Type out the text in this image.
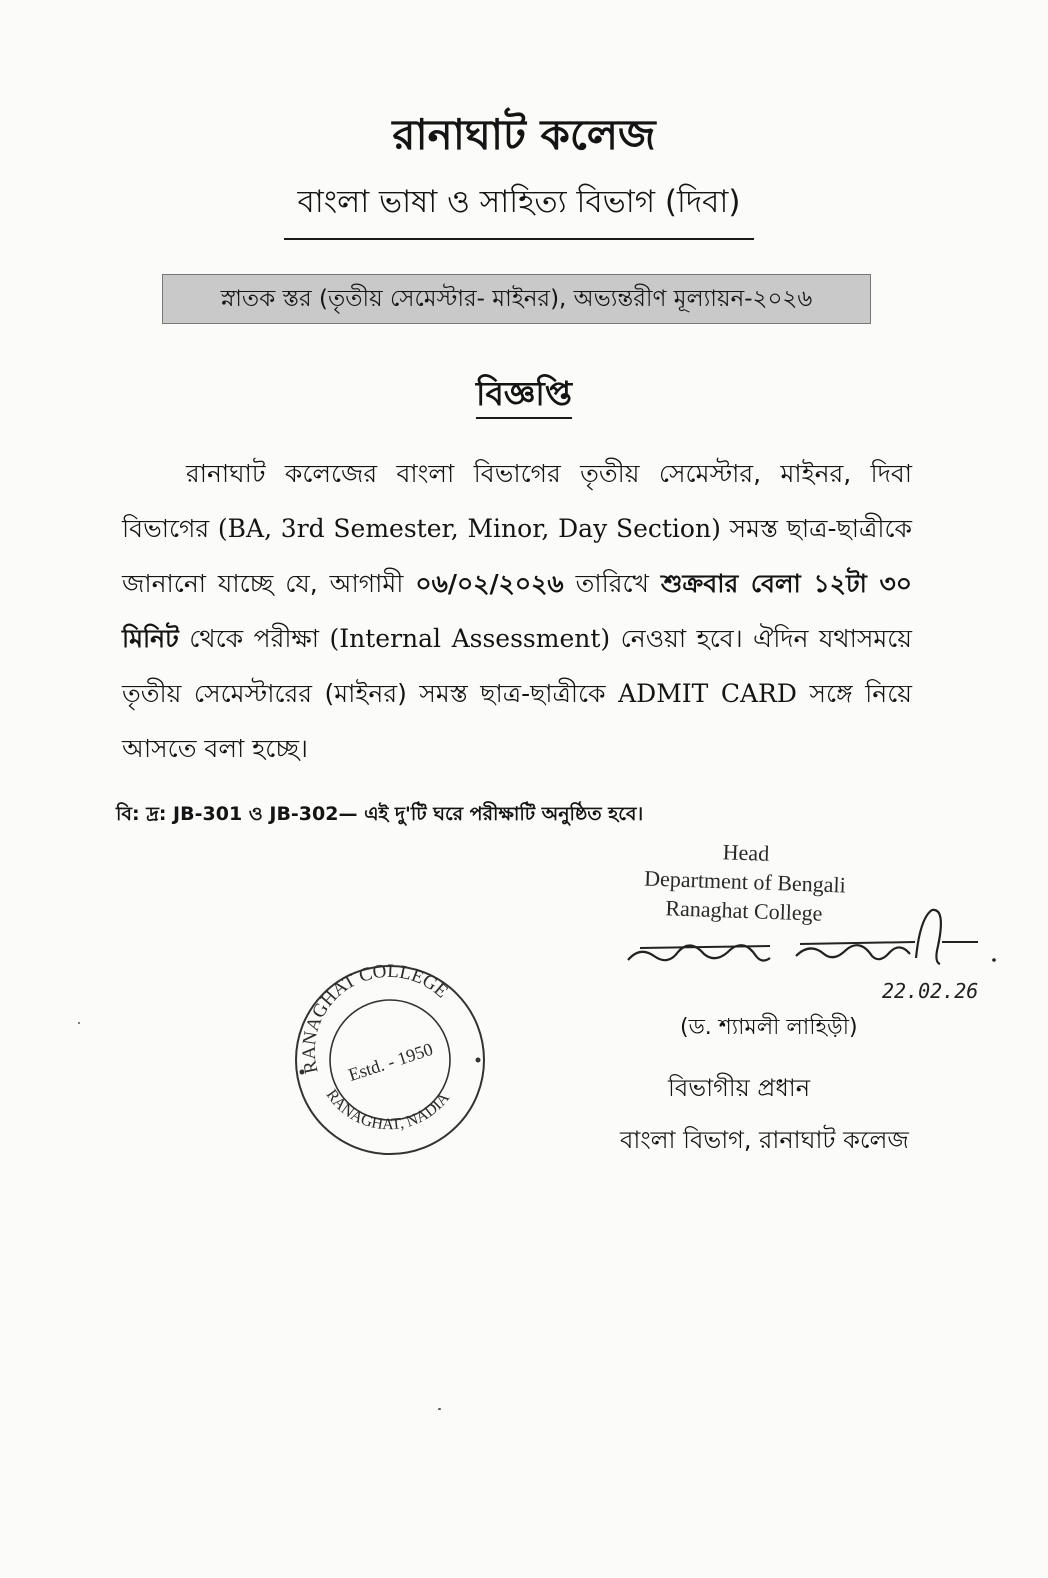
রানাঘাট কলেজ
বাংলা ভাষা ও সাহিত্য বিভাগ (দিবা)
স্নাতক স্তর (তৃতীয় সেমেস্টার- মাইনর), অভ্যন্তরীণ মূল্যায়ন-২০২৬
বিজ্ঞপ্তি
রানাঘাট কলেজের বাংলা বিভাগের তৃতীয় সেমেস্টার, মাইনর, দিবা বিভাগের (BA, 3rd Semester, Minor, Day Section) সমস্ত ছাত্র-ছাত্রীকে জানানো যাচ্ছে যে, আগামী ০৬/০২/২০২৬ তারিখে শুক্রবার বেলা ১২টা ৩০ মিনিট থেকে পরীক্ষা (Internal Assessment) নেওয়া হবে। ঐদিন যথাসময়ে তৃতীয় সেমেস্টারের (মাইনর) সমস্ত ছাত্র-ছাত্রীকে ADMIT CARD সঙ্গে নিয়ে আসতে বলা হচ্ছে।
বি: দ্র: JB-301 ও JB-302— এই দু'টি ঘরে পরীক্ষাটি অনুষ্ঠিত হবে।
Head
Department of Bengali
Ranaghat College
22.02.26
(ড. শ্যামলী লাহিড়ী)
বিভাগীয় প্রধান
বাংলা বিভাগ, রানাঘাট কলেজ
RANAGHAT COLLEGE
RANAGHAT, NADIA
Estd. - 1950
